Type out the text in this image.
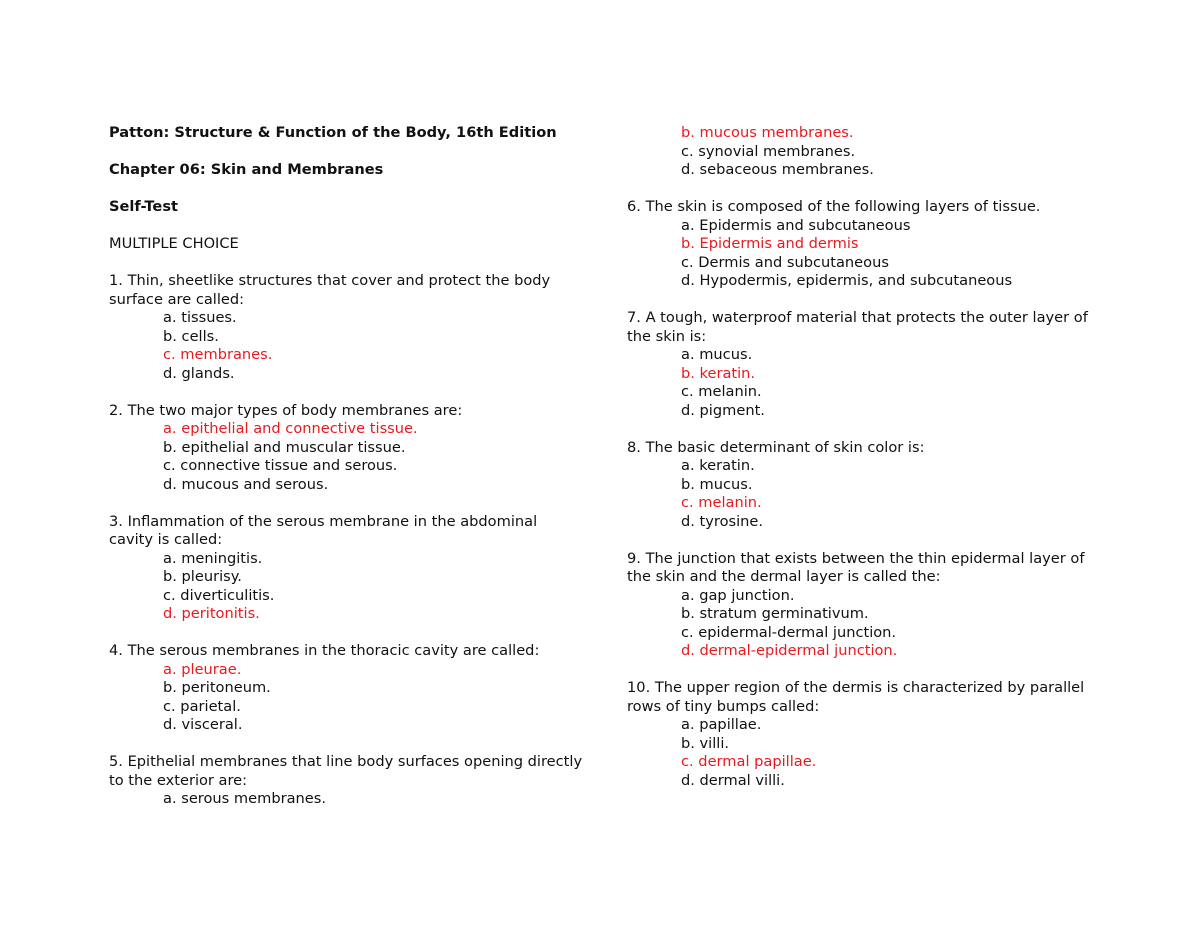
Patton: Structure & Function of the Body, 16th Edition
Chapter 06: Skin and Membranes
Self-Test
MULTIPLE CHOICE
1. Thin, sheetlike structures that cover and protect the body
surface are called:
a. tissues.
b. cells.
c. membranes.
d. glands.
2. The two major types of body membranes are:
a. epithelial and connective tissue.
b. epithelial and muscular tissue.
c. connective tissue and serous.
d. mucous and serous.
3. Inflammation of the serous membrane in the abdominal
cavity is called:
a. meningitis.
b. pleurisy.
c. diverticulitis.
d. peritonitis.
4. The serous membranes in the thoracic cavity are called:
a. pleurae.
b. peritoneum.
c. parietal.
d. visceral.
5. Epithelial membranes that line body surfaces opening directly
to the exterior are:
a. serous membranes.
b. mucous membranes.
c. synovial membranes.
d. sebaceous membranes.
6. The skin is composed of the following layers of tissue.
a. Epidermis and subcutaneous
b. Epidermis and dermis
c. Dermis and subcutaneous
d. Hypodermis, epidermis, and subcutaneous
7. A tough, waterproof material that protects the outer layer of
the skin is:
a. mucus.
b. keratin.
c. melanin.
d. pigment.
8. The basic determinant of skin color is:
a. keratin.
b. mucus.
c. melanin.
d. tyrosine.
9. The junction that exists between the thin epidermal layer of
the skin and the dermal layer is called the:
a. gap junction.
b. stratum germinativum.
c. epidermal-dermal junction.
d. dermal-epidermal junction.
10. The upper region of the dermis is characterized by parallel
rows of tiny bumps called:
a. papillae.
b. villi.
c. dermal papillae.
d. dermal villi.
